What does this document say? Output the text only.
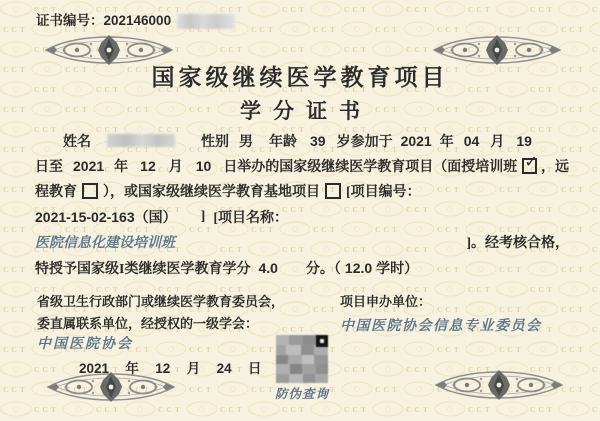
证书编号：202146000
国家级继续医学教育项目
学分证书
姓名	性别 男 年龄 39 岁参加于 2021 年 04 月 19
日至 2021 年 12 月 10 日举办的国家级继续医学教育项目（面授培训班 ✓ ，远
程教育 ），或国家级继续医学教育基地项目 [项目编号：
2021-15-02-163（国） ] [项目名称：
医院信息化建设培训班	]。经考核合格，
特授予国家级I类继续医学教育学分 4.0 分。（ 12.0 学时）
省级卫生行政部门或继续医学教育委员会，
委直属联系单位，经授权的一级学会：
中国医院协会
2021 年 12 月 24 日
项目申办单位：
中国医院协会信息专业委员会
防伪查询
